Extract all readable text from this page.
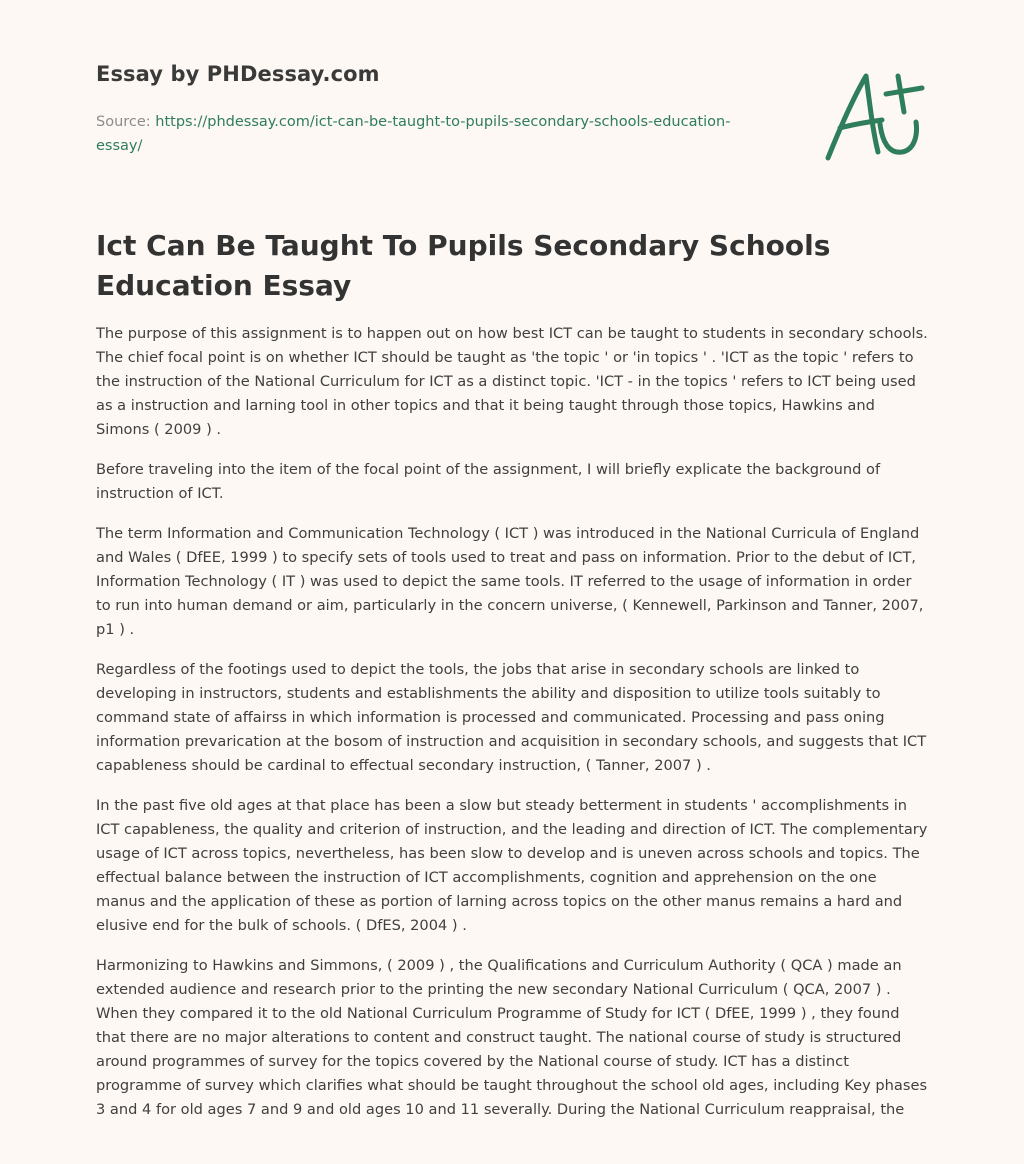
Essay by PHDessay.com
Source: https://phdessay.com/ict-can-be-taught-to-pupils-secondary-schools-education-essay/
Ict Can Be Taught To Pupils Secondary Schools Education Essay

The purpose of this assignment is to happen out on how best ICT can be taught to students in secondary schools. The chief focal point is on whether ICT should be taught as 'the topic ' or 'in topics ' . 'ICT as the topic ' refers to the instruction of the National Curriculum for ICT as a distinct topic. 'ICT - in the topics ' refers to ICT being used as a instruction and larning tool in other topics and that it being taught through those topics, Hawkins and Simons ( 2009 ) .

Before traveling into the item of the focal point of the assignment, I will briefly explicate the background of instruction of ICT.

The term Information and Communication Technology ( ICT ) was introduced in the National Curricula of England and Wales ( DfEE, 1999 ) to specify sets of tools used to treat and pass on information. Prior to the debut of ICT, Information Technology ( IT ) was used to depict the same tools. IT referred to the usage of information in order to run into human demand or aim, particularly in the concern universe, ( Kennewell, Parkinson and Tanner, 2007, p1 ) .

Regardless of the footings used to depict the tools, the jobs that arise in secondary schools are linked to developing in instructors, students and establishments the ability and disposition to utilize tools suitably to command state of affairss in which information is processed and communicated. Processing and pass oning information prevarication at the bosom of instruction and acquisition in secondary schools, and suggests that ICT capableness should be cardinal to effectual secondary instruction, ( Tanner, 2007 ) .

In the past five old ages at that place has been a slow but steady betterment in students ' accomplishments in ICT capableness, the quality and criterion of instruction, and the leading and direction of ICT. The complementary usage of ICT across topics, nevertheless, has been slow to develop and is uneven across schools and topics. The effectual balance between the instruction of ICT accomplishments, cognition and apprehension on the one manus and the application of these as portion of larning across topics on the other manus remains a hard and elusive end for the bulk of schools. ( DfES, 2004 ) .

Harmonizing to Hawkins and Simmons, ( 2009 ) , the Qualifications and Curriculum Authority ( QCA ) made an extended audience and research prior to the printing the new secondary National Curriculum ( QCA, 2007 ) . When they compared it to the old National Curriculum Programme of Study for ICT ( DfEE, 1999 ) , they found that there are no major alterations to content and construct taught. The national course of study is structured around programmes of survey for the topics covered by the National course of study. ICT has a distinct programme of survey which clarifies what should be taught throughout the school old ages, including Key phases 3 and 4 for old ages 7 and 9 and old ages 10 and 11 severally. During the National Curriculum reappraisal, the
